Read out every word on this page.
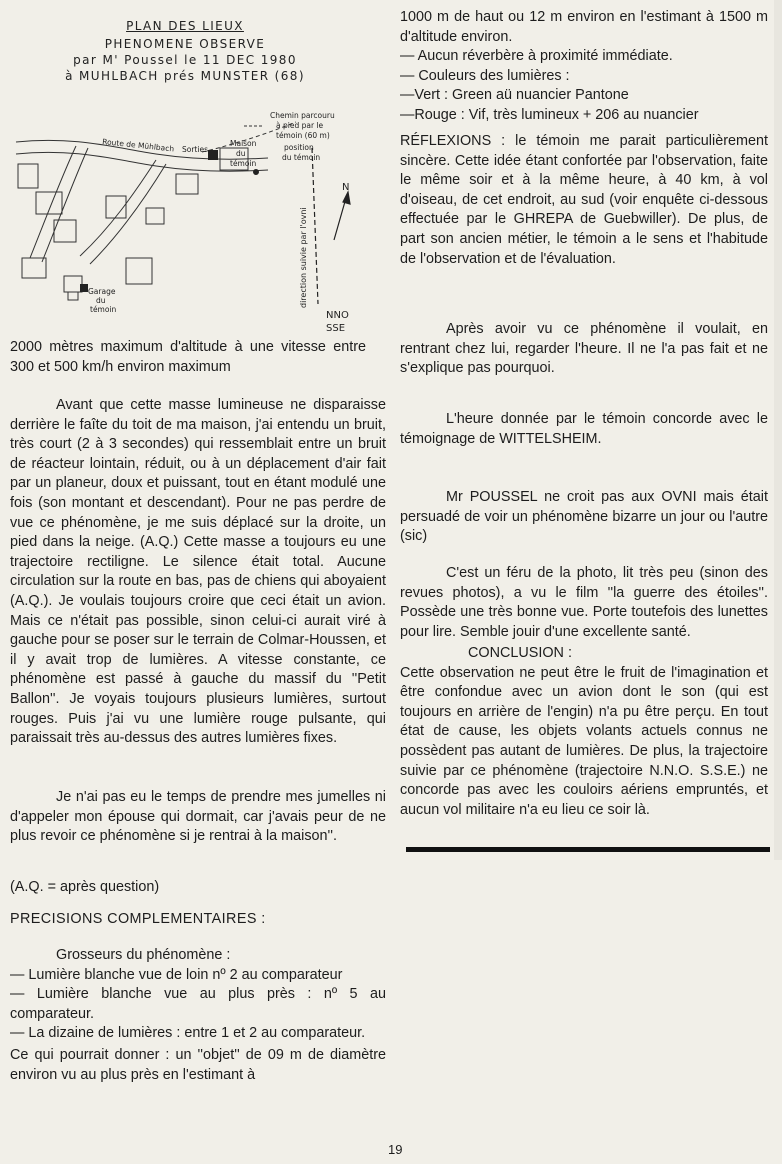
PLAN DES LIEUX
PHENOMENE OBSERVE
par M' Poussel le 11 DEC 1980
à MUHLBACH prés MUNSTER (68)
N
NNO
SSE
direction suivie par l'ovni
Chemin parcouru
à pied par le
témoin (60 m)
Maison
du
témoin
position
du témoin
Garage
du
témoin
Sorties
Route de Mühlbach

2000 mètres maximum d'altitude à une vitesse entre 300 et 500 km/h environ maximum

Avant que cette masse lumineuse ne disparaisse derrière le faîte du toit de ma maison, j'ai entendu un bruit, très court (2 à 3 secondes) qui ressemblait entre un bruit de réacteur lointain, réduit, ou à un déplacement d'air fait par un planeur, doux et puissant, tout en étant modulé une fois (son montant et descendant). Pour ne pas perdre de vue ce phénomène, je me suis déplacé sur la droite, un pied dans la neige. (A.Q.) Cette masse a toujours eu une trajectoire rectiligne. Le silence était total. Aucune circulation sur la route en bas, pas de chiens qui aboyaient (A.Q.). Je voulais toujours croire que ceci était un avion. Mais ce n'était pas possible, sinon celui-ci aurait viré à gauche pour se poser sur le terrain de Colmar-Houssen, et il y avait trop de lumières. A vitesse constante, ce phénomène est passé à gauche du massif du ''Petit Ballon''. Je voyais toujours plusieurs lumières, surtout rouges. Puis j'ai vu une lumière rouge pulsante, qui paraissait très au-dessus des autres lumières fixes.

Je n'ai pas eu le temps de prendre mes jumelles ni d'appeler mon épouse qui dormait, car j'avais peur de ne plus revoir ce phénomène si je rentrai à la maison''.

(A.Q. = après question)

PRECISIONS COMPLEMENTAIRES :

Grosseurs du phénomène :

— Lumière blanche vue de loin nº 2 au comparateur

— Lumière blanche vue au plus près : nº 5 au comparateur.

— La dizaine de lumières : entre 1 et 2 au comparateur.

Ce qui pourrait donner : un ''objet'' de 09 m de diamètre environ vu au plus près en l'estimant à

1000 m de haut ou 12 m environ en l'estimant à 1500 m d'altitude environ.

— Aucun réverbère à proximité immédiate.

— Couleurs des lumières :

—Vert : Green aü nuancier Pantone

—Rouge : Vif, très lumineux + 206 au nuancier

RÉFLEXIONS : le témoin me parait particulièrement sincère. Cette idée étant confortée par l'observation, faite le même soir et à la même heure, à 40 km, à vol d'oiseau, de cet endroit, au sud (voir enquête ci-dessous effectuée par le GHREPA de Guebwiller). De plus, de part son ancien métier, le témoin a le sens et l'habitude de l'observation et de l'évaluation.

Après avoir vu ce phénomène il voulait, en rentrant chez lui, regarder l'heure. Il ne l'a pas fait et ne s'explique pas pourquoi.

L'heure donnée par le témoin concorde avec le témoignage de WITTELSHEIM.

Mr POUSSEL ne croit pas aux OVNI mais était persuadé de voir un phénomène bizarre un jour ou l'autre (sic)

C'est un féru de la photo, lit très peu (sinon des revues photos), a vu le film ''la guerre des étoiles''. Possède une très bonne vue. Porte toutefois des lunettes pour lire. Semble jouir d'une excellente santé.

CONCLUSION :

Cette observation ne peut être le fruit de l'imagination et être confondue avec un avion dont le son (qui est toujours en arrière de l'engin) n'a pu être perçu. En tout état de cause, les objets volants actuels connus ne possèdent pas autant de lumières. De plus, la trajectoire suivie par ce phénomène (trajectoire N.N.O. S.S.E.) ne concorde pas avec les couloirs aériens empruntés, et aucun vol militaire n'a eu lieu ce soir là.

19
